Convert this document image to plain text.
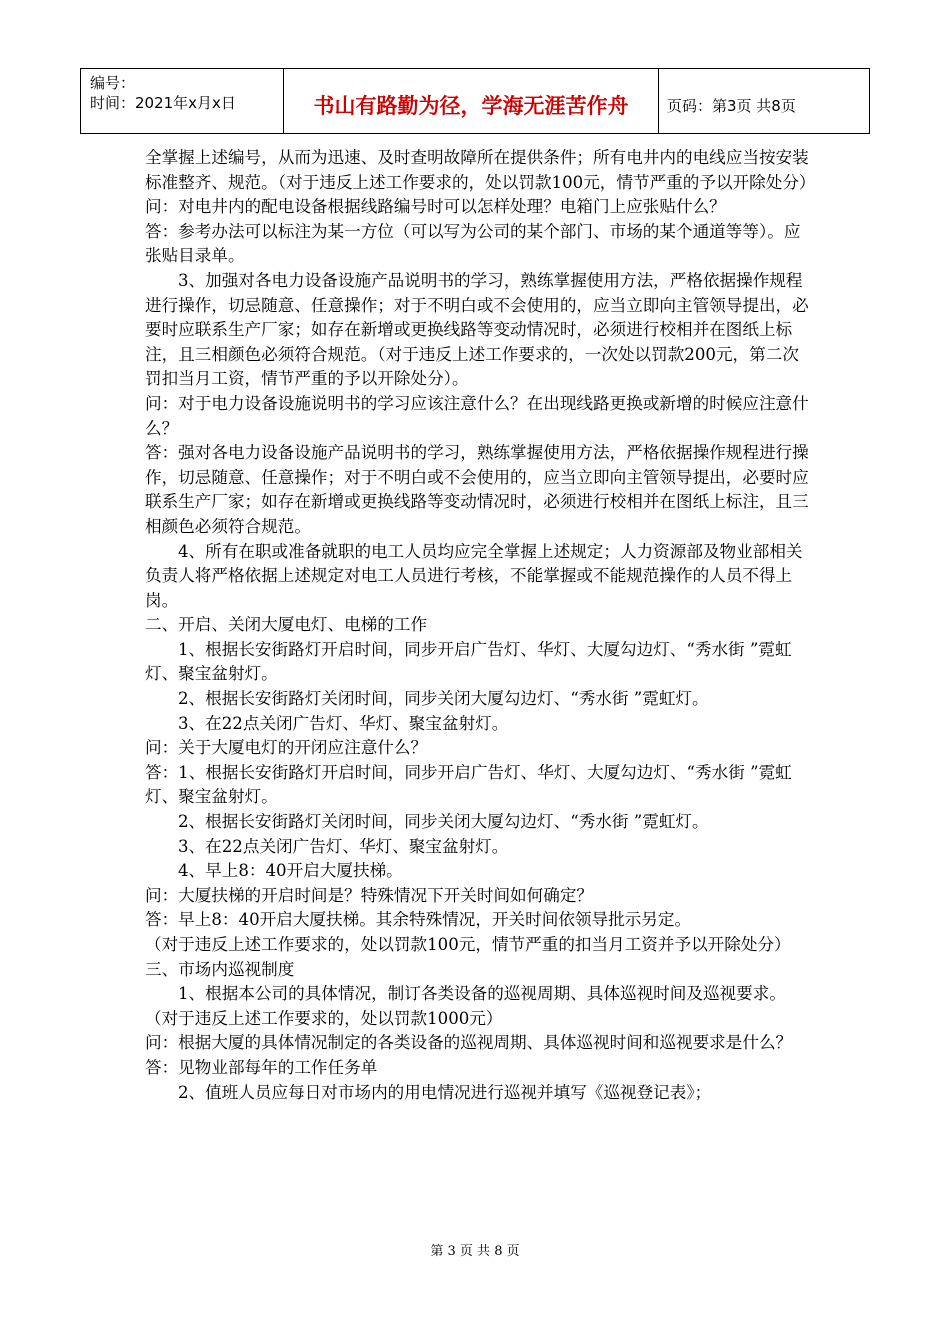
编号：
时间：2021年x月x日	书山有路勤为径，学海无涯苦作舟	页码：第3页 共8页

全掌握上述编号，从而为迅速、及时查明故障所在提供条件；所有电井内的电线应当按安装标准整齐、规范。（对于违反上述工作要求的，处以罚款100元，情节严重的予以开除处分）

问：对电井内的配电设备根据线路编号时可以怎样处理？电箱门上应张贴什么？

答：参考办法可以标注为某一方位（可以写为公司的某个部门、市场的某个通道等等）。应张贴目录单。

3、加强对各电力设备设施产品说明书的学习，熟练掌握使用方法，严格依据操作规程进行操作，切忌随意、任意操作；对于不明白或不会使用的，应当立即向主管领导提出，必要时应联系生产厂家；如存在新增或更换线路等变动情况时，必须进行校相并在图纸上标注，且三相颜色必须符合规范。（对于违反上述工作要求的，一次处以罚款200元，第二次罚扣当月工资，情节严重的予以开除处分）。

问：对于电力设备设施说明书的学习应该注意什么？在出现线路更换或新增的时候应注意什么？

答：强对各电力设备设施产品说明书的学习，熟练掌握使用方法，严格依据操作规程进行操作，切忌随意、任意操作；对于不明白或不会使用的，应当立即向主管领导提出，必要时应联系生产厂家；如存在新增或更换线路等变动情况时，必须进行校相并在图纸上标注，且三相颜色必须符合规范。

4、所有在职或准备就职的电工人员均应完全掌握上述规定；人力资源部及物业部相关负责人将严格依据上述规定对电工人员进行考核，不能掌握或不能规范操作的人员不得上岗。

二、开启、关闭大厦电灯、电梯的工作

1、根据长安街路灯开启时间，同步开启广告灯、华灯、大厦勾边灯、“秀水街 ”霓虹灯、聚宝盆射灯。

2、根据长安街路灯关闭时间，同步关闭大厦勾边灯、“秀水街 ”霓虹灯。

3、在22点关闭广告灯、华灯、聚宝盆射灯。

问：关于大厦电灯的开闭应注意什么？

答：1、根据长安街路灯开启时间，同步开启广告灯、华灯、大厦勾边灯、“秀水街 ”霓虹灯、聚宝盆射灯。

2、根据长安街路灯关闭时间，同步关闭大厦勾边灯、“秀水街 ”霓虹灯。

3、在22点关闭广告灯、华灯、聚宝盆射灯。

4、早上8：40开启大厦扶梯。

问：大厦扶梯的开启时间是？特殊情况下开关时间如何确定？

答：早上8：40开启大厦扶梯。其余特殊情况，开关时间依领导批示另定。

（对于违反上述工作要求的，处以罚款100元，情节严重的扣当月工资并予以开除处分）

三、市场内巡视制度

1、根据本公司的具体情况，制订各类设备的巡视周期、具体巡视时间及巡视要求。（对于违反上述工作要求的，处以罚款1000元）

问：根据大厦的具体情况制定的各类设备的巡视周期、具体巡视时间和巡视要求是什么？

答：见物业部每年的工作任务单

2、值班人员应每日对市场内的用电情况进行巡视并填写《巡视登记表》；

第 3 页 共 8 页
